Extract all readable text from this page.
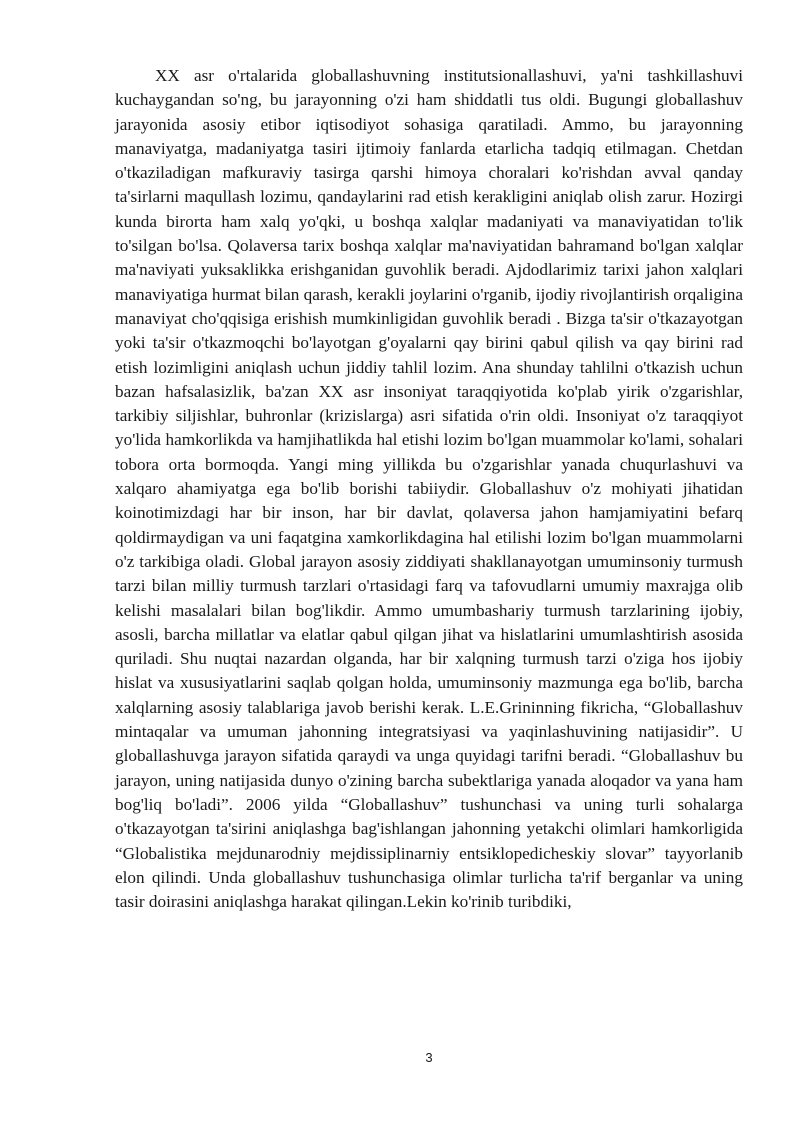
XX asr o'rtalarida globallashuvning institutsionallashuvi, ya'ni tashkillashuvi kuchaygandan so'ng, bu jarayonning o'zi ham shiddatli tus oldi. Bugungi globallashuv jarayonida asosiy etibor iqtisodiyot sohasiga qaratiladi. Ammo, bu jarayonning manaviyatga, madaniyatga tasiri ijtimoiy fanlarda etarlicha tadqiq etilmagan. Chetdan o'tkaziladigan mafkuraviy tasirga qarshi himoya choralari ko'rishdan avval qanday ta'sirlarni maqullash lozimu, qandaylarini rad etish kerakligini aniqlab olish zarur. Hozirgi kunda birorta ham xalq yo'qki, u boshqa xalqlar madaniyati va manaviyatidan to'lik to'silgan bo'lsa. Qolaversa tarix boshqa xalqlar ma'naviyatidan bahramand bo'lgan xalqlar ma'naviyati yuksaklikka erishganidan guvohlik beradi. Ajdodlarimiz tarixi jahon xalqlari manaviyatiga hurmat bilan qarash, kerakli joylarini o'rganib, ijodiy rivojlantirish orqaligina manaviyat cho'qqisiga erishish mumkinligidan guvohlik beradi . Bizga ta'sir o'tkazayotgan yoki ta'sir o'tkazmoqchi bo'layotgan g'oyalarni qay birini qabul qilish va qay birini rad etish lozimligini aniqlash uchun jiddiy tahlil lozim. Ana shunday tahlilni o'tkazish uchun bazan hafsalasizlik, ba'zan XX asr insoniyat taraqqiyotida ko'plab yirik o'zgarishlar, tarkibiy siljishlar, buhronlar (krizislarga) asri sifatida o'rin oldi. Insoniyat o'z taraqqiyot yo'lida hamkorlikda va hamjihatlikda hal etishi lozim bo'lgan muammolar ko'lami, sohalari tobora orta bormoqda. Yangi ming yillikda bu o'zgarishlar yanada chuqurlashuvi va xalqaro ahamiyatga ega bo'lib borishi tabiiydir. Globallashuv o'z mohiyati jihatidan koinotimizdagi har bir inson, har bir davlat, qolaversa jahon hamjamiyatini befarq qoldirmaydigan va uni faqatgina xamkorlikdagina hal etilishi lozim bo'lgan muammolarni o'z tarkibiga oladi. Global jarayon asosiy ziddiyati shakllanayotgan umuminsoniy turmush tarzi bilan milliy turmush tarzlari o'rtasidagi farq va tafovudlarni umumiy maxrajga olib kelishi masalalari bilan bog'likdir. Ammo umumbashariy turmush tarzlarining ijobiy, asosli, barcha millatlar va elatlar qabul qilgan jihat va hislatlarini umumlashtirish asosida quriladi. Shu nuqtai nazardan olganda, har bir xalqning turmush tarzi o'ziga hos ijobiy hislat va xususiyatlarini saqlab qolgan holda, umuminsoniy mazmunga ega bo'lib, barcha xalqlarning asosiy talablariga javob berishi kerak. L.E.Grininning fikricha, “Globallashuv mintaqalar va umuman jahonning integratsiyasi va yaqinlashuvining natijasidir”. U globallashuvga jarayon sifatida qaraydi va unga quyidagi tarifni beradi. “Globallashuv bu jarayon, uning natijasida dunyo o'zining barcha subektlariga yanada aloqador va yana ham bog'liq bo'ladi”. 2006 yilda “Globallashuv” tushunchasi va uning turli sohalarga o'tkazayotgan ta'sirini aniqlashga bag'ishlangan jahonning yetakchi olimlari hamkorligida “Globalistika mejdunarodniy mejdissiplinarniy entsiklopedicheskiy slovar” tayyorlanib elon qilindi. Unda globallashuv tushunchasiga olimlar turlicha ta'rif berganlar va uning tasir doirasini aniqlashga harakat qilingan.Lekin ko'rinib turibdiki,

3
